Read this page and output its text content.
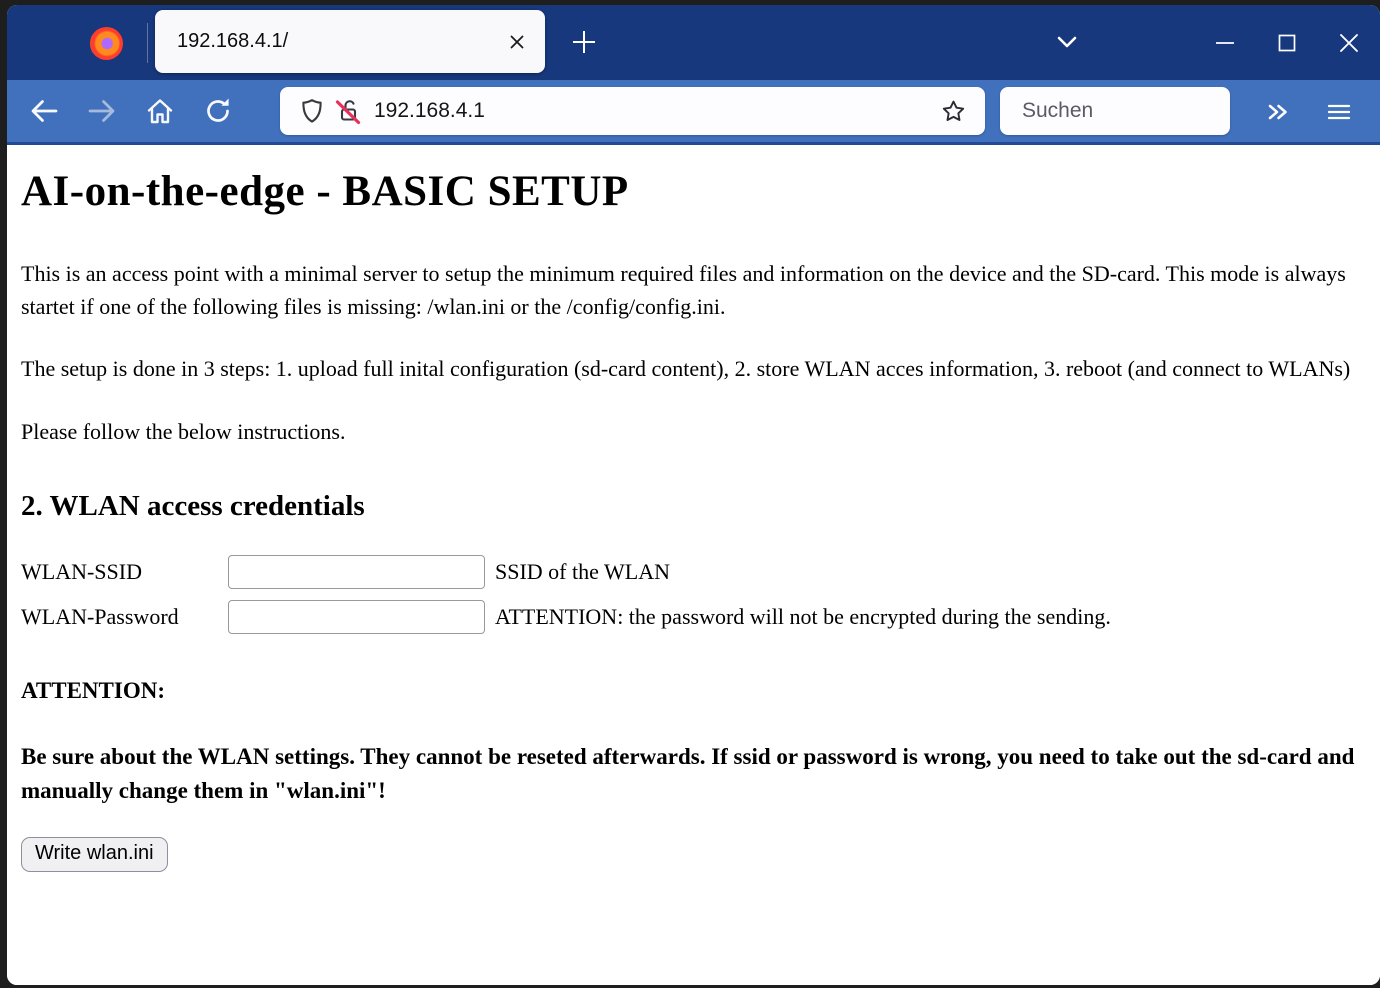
192.168.4.1/
192.168.4.1
Suchen
AI-on-the-edge - BASIC SETUP

This is an access point with a minimal server to setup the minimum required files and information on the device and the SD-card. This mode is always startet if one of the following files is missing: /wlan.ini or the /config/config.ini.

The setup is done in 3 steps: 1. upload full inital configuration (sd-card content), 2. store WLAN acces information, 3. reboot (and connect to WLANs)

Please follow the below instructions.

2. WLAN access credentials
WLAN-SSID	SSID of the WLAN
WLAN-Password	ATTENTION: the password will not be encrypted during the sending.
ATTENTION:
Be sure about the WLAN settings. They cannot be reseted afterwards. If ssid or password is wrong, you need to take out the sd-card and manually change them in "wlan.ini"!
Write wlan.ini
